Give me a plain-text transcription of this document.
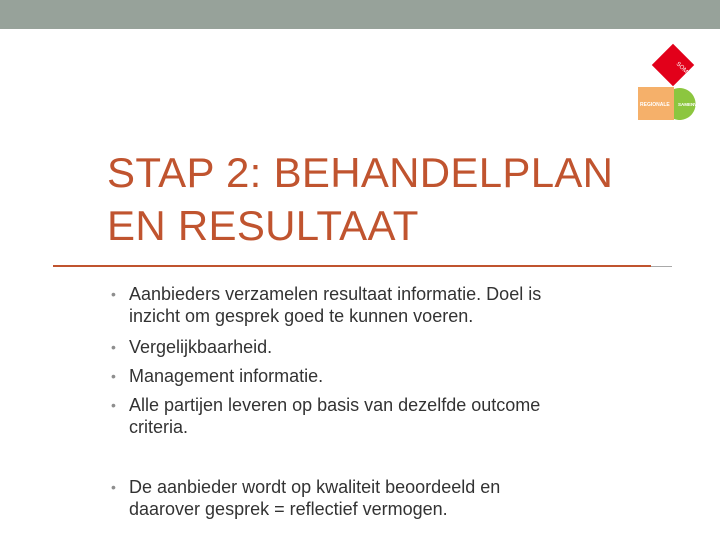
SOMERS
REGIONALE SAMENWERKING
STAP 2: BEHANDELPLAN
EN RESULTAAT
• Aanbieders verzamelen resultaat informatie. Doel is
inzicht om gesprek goed te kunnen voeren.
• Vergelijkbaarheid.
• Management informatie.
• Alle partijen leveren op basis van dezelfde outcome
criteria.
• De aanbieder wordt op kwaliteit beoordeeld en
daarover gesprek = reflectief vermogen.
